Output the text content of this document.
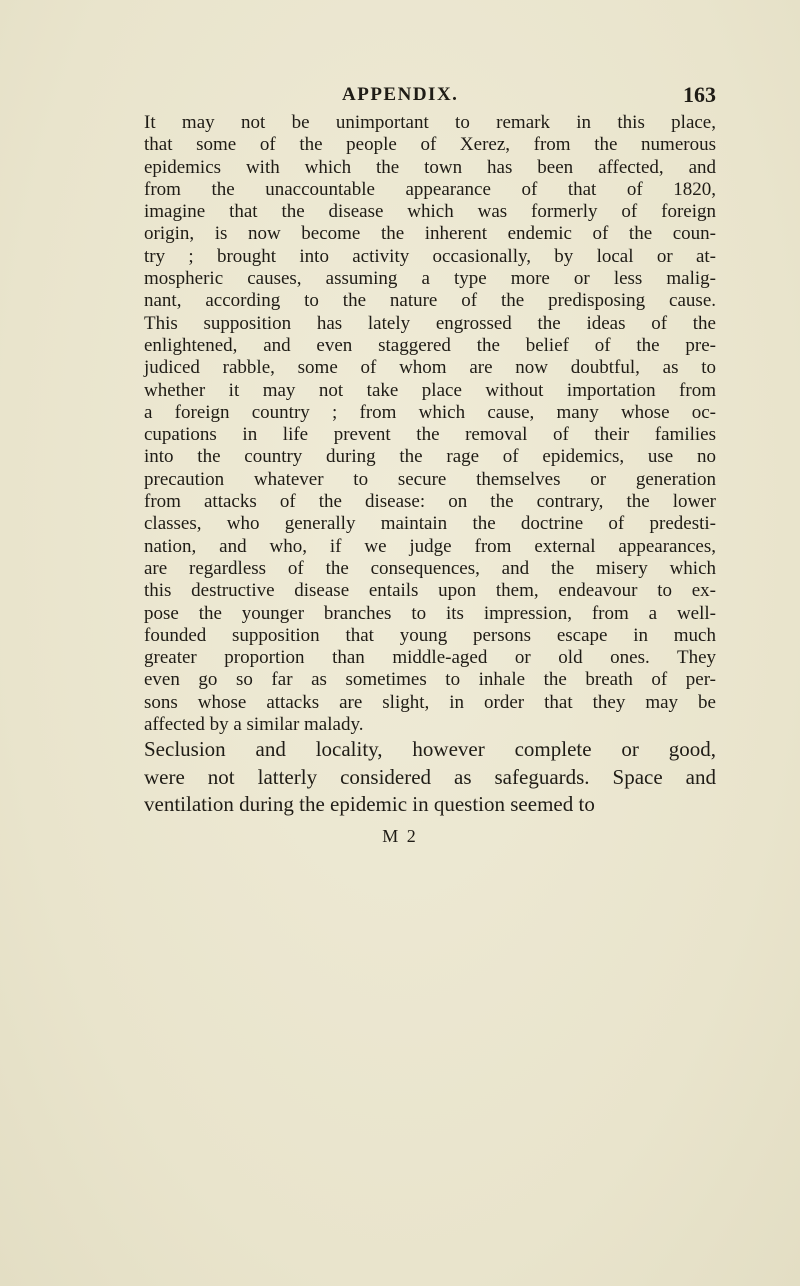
APPENDIX.	163
It may not be unimportant to remark in this place,
that some of the people of Xerez, from the numerous
epidemics with which the town has been affected, and
from the unaccountable appearance of that of 1820,
imagine that the disease which was formerly of foreign
origin, is now become the inherent endemic of the coun-
try ; brought into activity occasionally, by local or at-
mospheric causes, assuming a type more or less malig-
nant, according to the nature of the predisposing cause.
This supposition has lately engrossed the ideas of the
enlightened, and even staggered the belief of the pre-
judiced rabble, some of whom are now doubtful, as to
whether it may not take place without importation from
a foreign country ; from which cause, many whose oc-
cupations in life prevent the removal of their families
into the country during the rage of epidemics, use no
precaution whatever to secure themselves or generation
from attacks of the disease: on the contrary, the lower
classes, who generally maintain the doctrine of predesti-
nation, and who, if we judge from external appearances,
are regardless of the consequences, and the misery which
this destructive disease entails upon them, endeavour to ex-
pose the younger branches to its impression, from a well-
founded supposition that young persons escape in much
greater proportion than middle-aged or old ones. They
even go so far as sometimes to inhale the breath of per-
sons whose attacks are slight, in order that they may be
affected by a similar malady.
Seclusion and locality, however complete or good,
were not latterly considered as safeguards. Space and
ventilation during the epidemic in question seemed to
M 2
